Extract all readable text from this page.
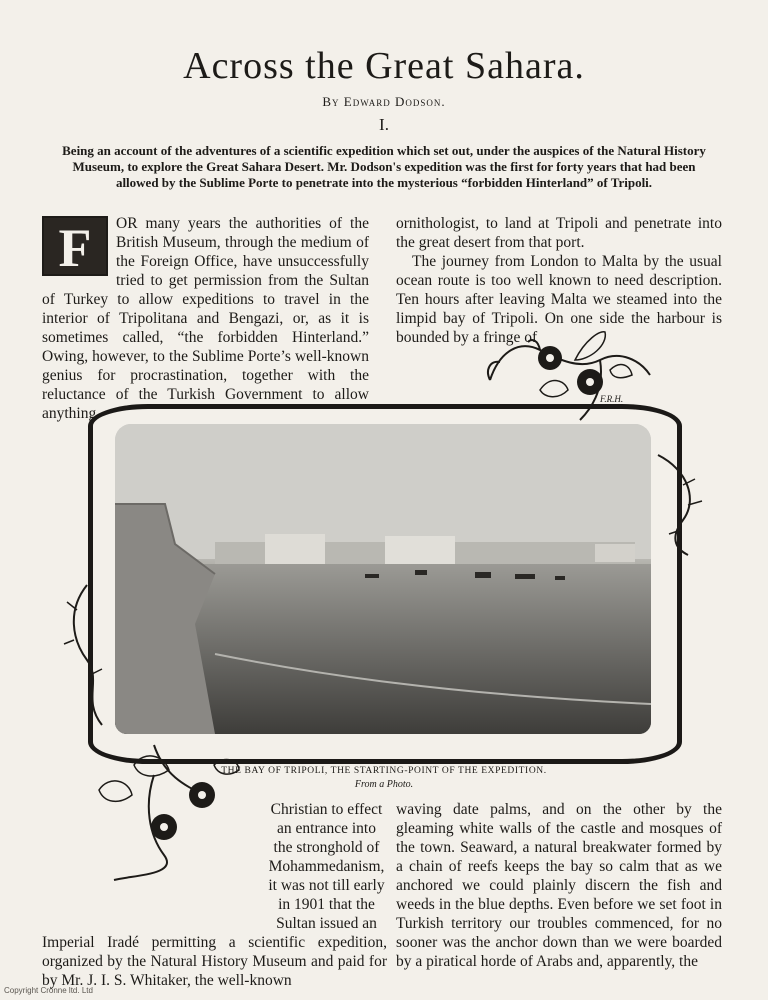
Across the Great Sahara.
By Edward Dodson.
I.
Being an account of the adventures of a scientific expedition which set out, under the auspices of the Natural History Museum, to explore the Great Sahara Desert. Mr. Dodson's expedition was the first for forty years that had been allowed by the Sublime Porte to penetrate into the mysterious “forbidden Hinterland” of Tripoli.
F	OR many years the authorities of the British Museum, through the medium of the Foreign Office, have unsuccessfully tried to get permission from the Sultan of Turkey to allow expeditions to travel in the interior of Tripolitana and Bengazi, or, as it is sometimes called, “the forbidden Hinterland.” Owing, however, to the Sublime Porte’s well-known genius for procrastination, together with the reluctance of the Turkish Government to allow anything
ornithologist, to land at Tripoli and penetrate into the great desert from that port.
The journey from London to Malta by the usual ocean route is too well known to need description. Ten hours after leaving Malta we steamed into the limpid bay of Tripoli. On one side the harbour is bounded by a fringe of
F.R.H.
THE BAY OF TRIPOLI, THE STARTING-POINT OF THE EXPEDITION.
From a Photo.
Christian to effect an entrance into the stronghold of Mohammedanism, it was not till early in 1901 that the Sultan issued an
Imperial Iradé permitting a scientific expedition, organized by the Natural History Museum and paid for by Mr. J. I. S. Whitaker, the well-known
waving date palms, and on the other by the gleaming white walls of the castle and mosques of the town. Seaward, a natural breakwater formed by a chain of reefs keeps the bay so calm that as we anchored we could plainly discern the fish and weeds in the blue depths. Even before we set foot in Turkish territory our troubles commenced, for no sooner was the anchor down than we were boarded by a piratical horde of Arabs and, apparently, the
Copyright Cronne ltd. Ltd
